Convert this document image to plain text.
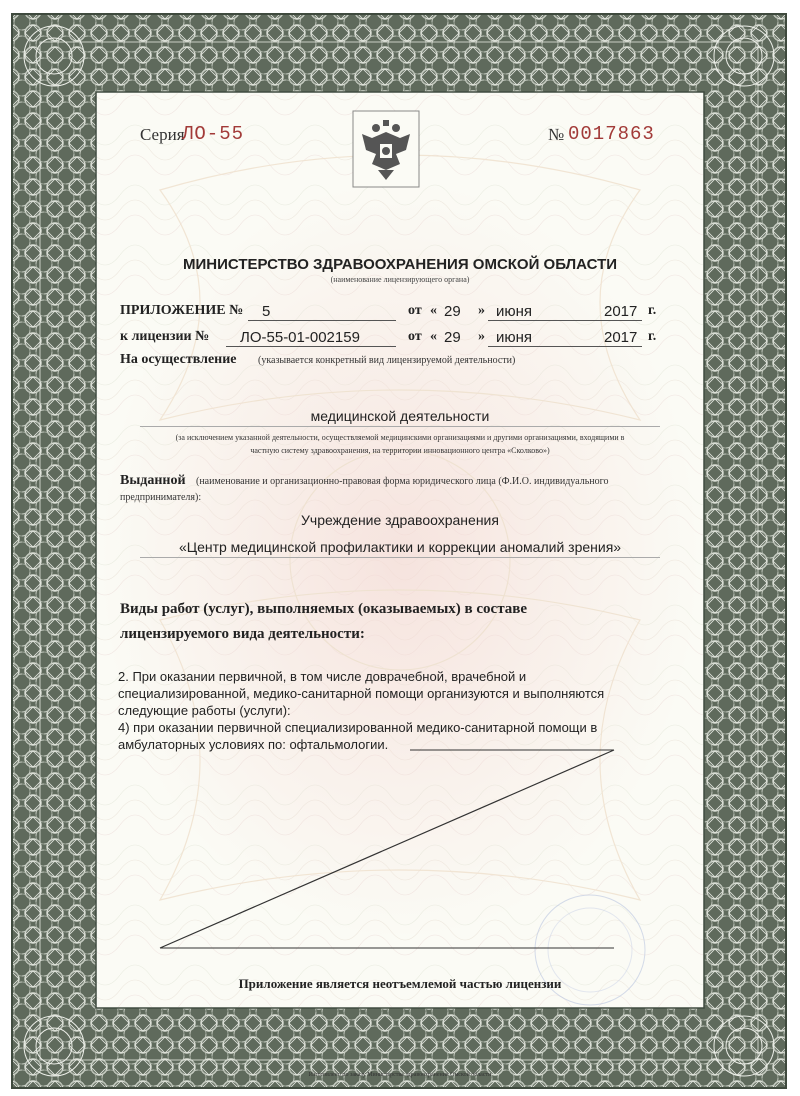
Серия
ЛО-55	№ 0017863
МИНИСТЕРСТВО ЗДРАВООХРАНЕНИЯ ОМСКОЙ ОБЛАСТИ
(наименование лицензирующего органа)
ПРИЛОЖЕНИЕ № 5	от « 29 » июня	2017 г.
к лицензии № ЛО-55-01-002159	от « 29 » июня	2017 г.
На осуществление (указывается конкретный вид лицензируемой деятельности)
медицинской деятельности
(за исключением указанной деятельности, осуществляемой медицинскими организациями и другими организациями, входящими в
частную систему здравоохранения, на территории инновационного центра «Сколково»)
Выданной (наименование и организационно-правовая форма юридического лица (Ф.И.О. индивидуального
предпринимателя):
Учреждение здравоохранения
«Центр медицинской профилактики и коррекции аномалий зрения»
Виды работ (услуг), выполняемых (оказываемых) в составе
лицензируемого вида деятельности:
2. При оказании первичной, в том числе доврачебной, врачебной и
специализированной, медико-санитарной помощи организуются и выполняются
следующие работы (услуги):
4) при оказании первичной специализированной медико-санитарной помощи в
амбулаторных условиях по: офтальмологии.
Приложение является неотъемлемой частью лицензии
Изготовлено по заказу Министерства здравоохранения Омской области
